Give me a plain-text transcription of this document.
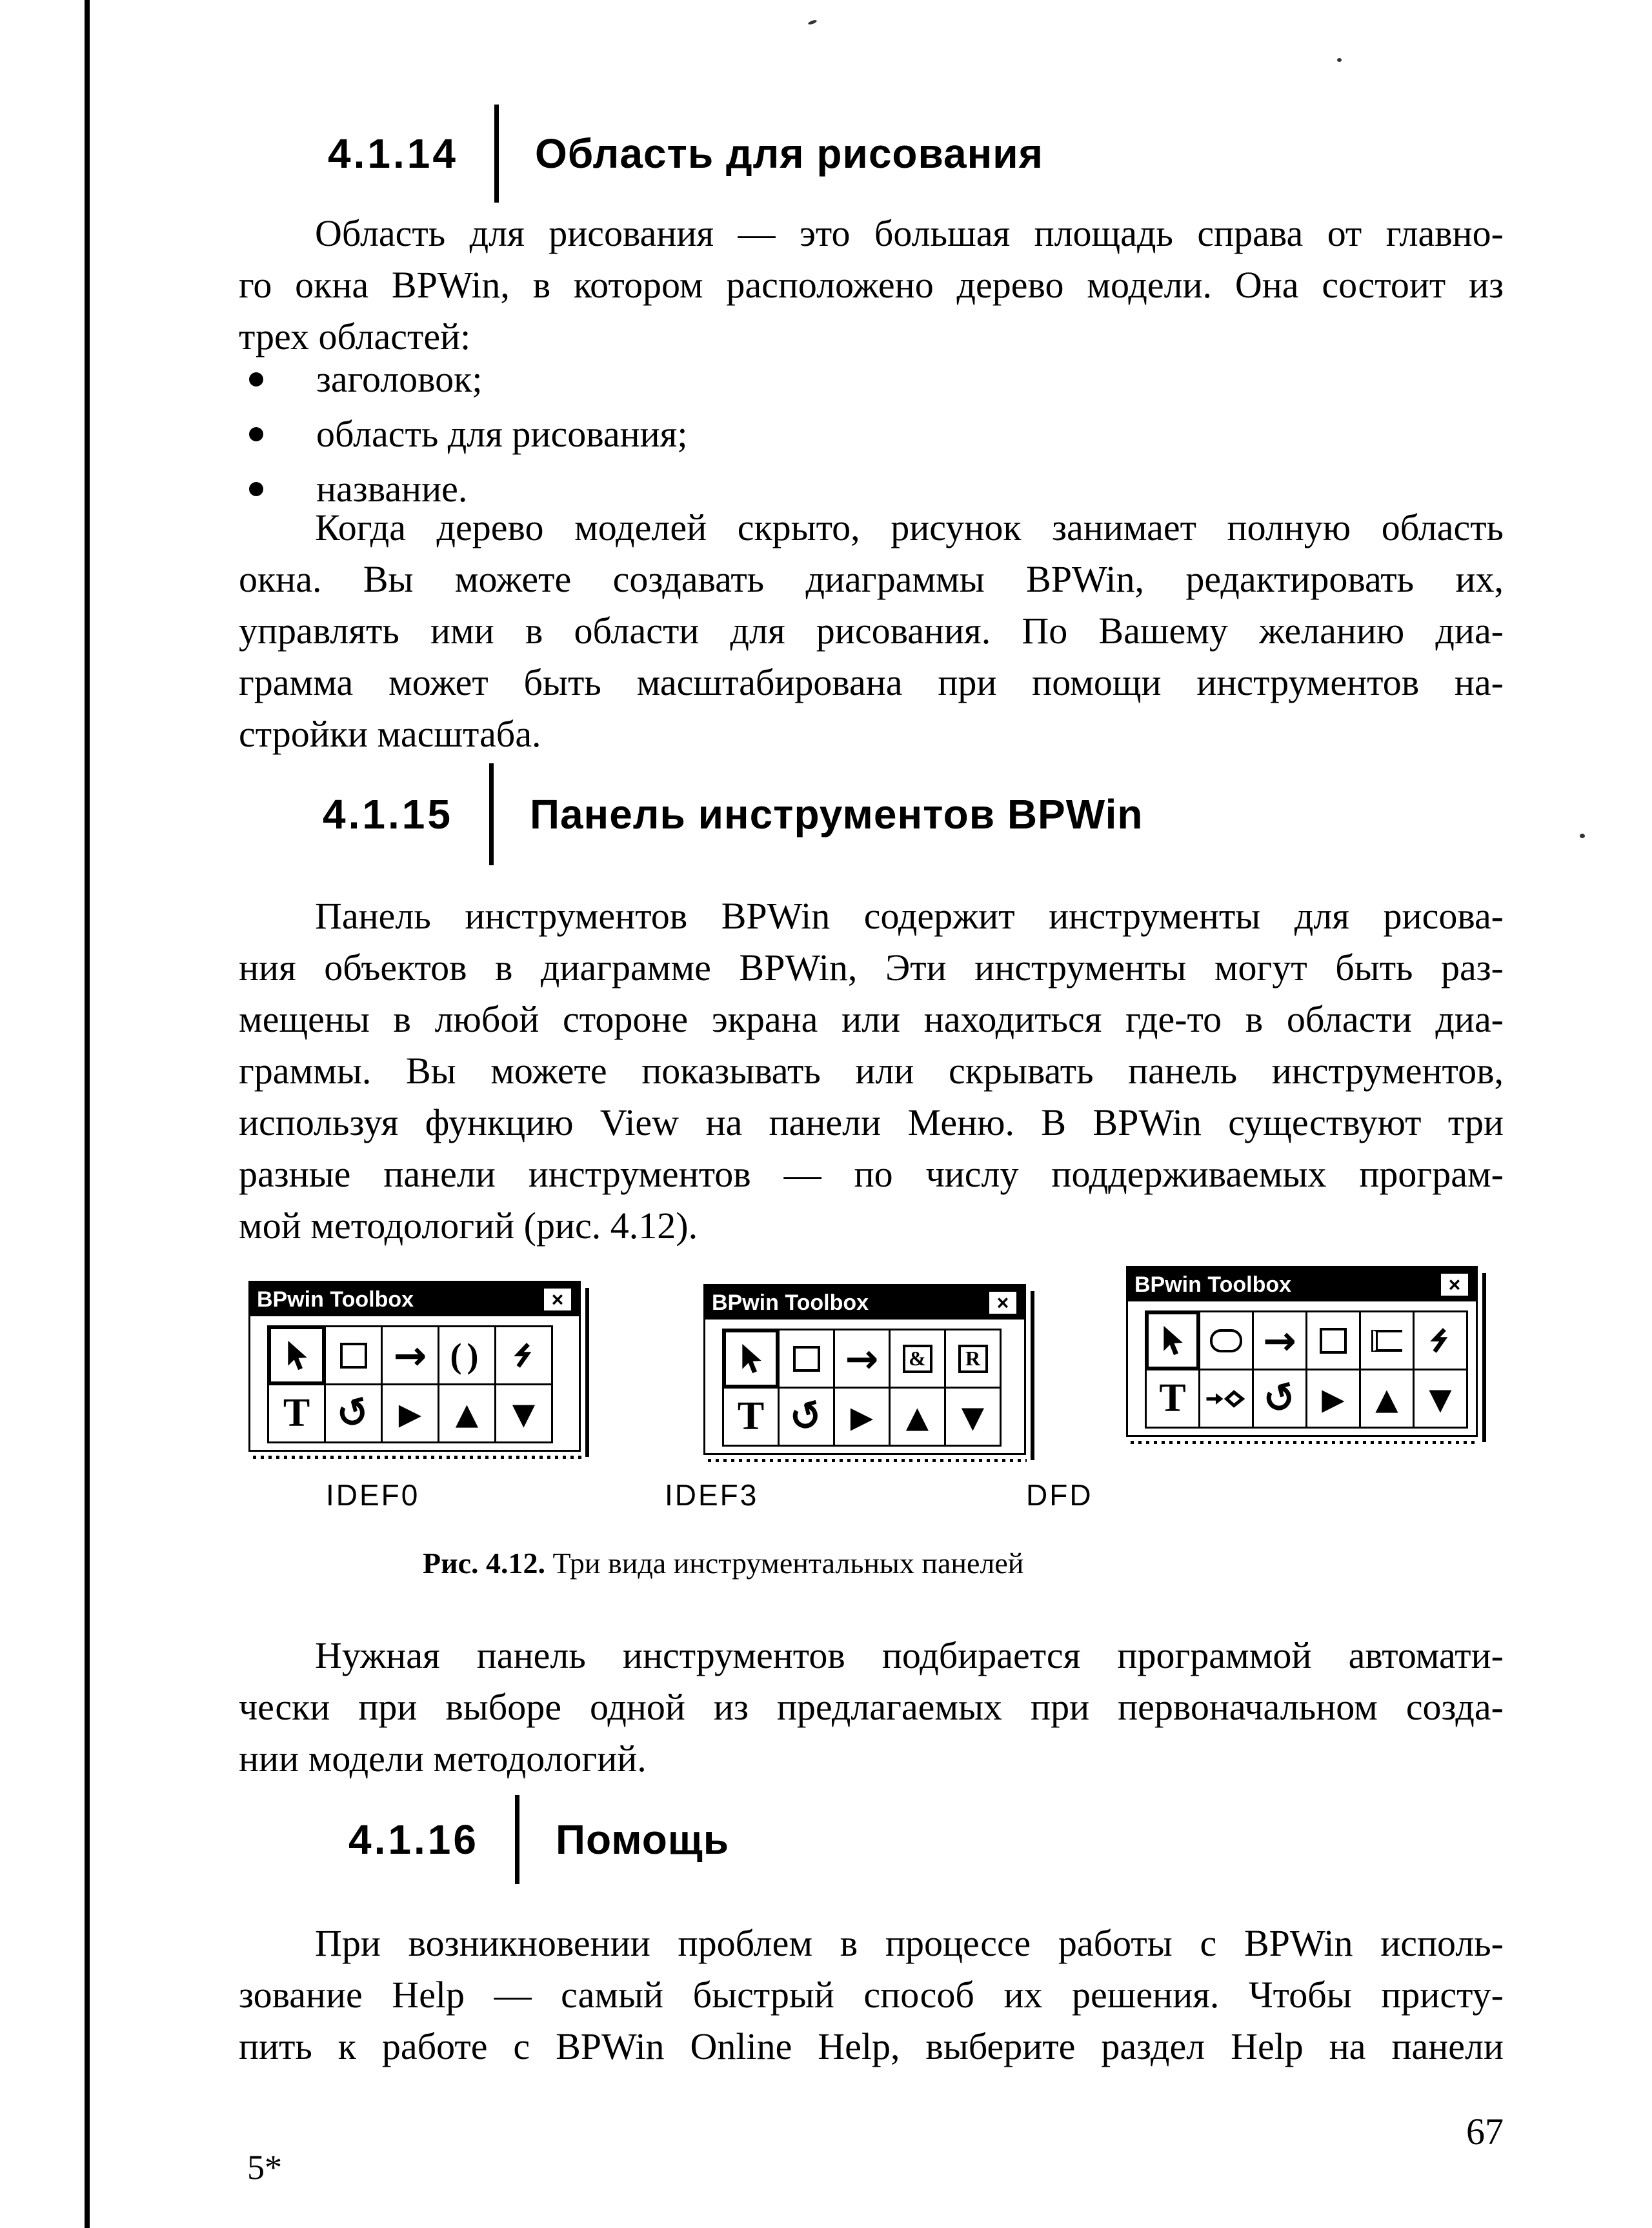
4.1.14 Область для рисования
Область для рисования — это большая площадь справа от главно-
го окна BPWin, в котором расположено дерево модели. Она состоит из
трех областей:
заголовок;
область для рисования;
название.
Когда дерево моделей скрыто, рисунок занимает полную область
окна. Вы можете создавать диаграммы BPWin, редактировать их,
управлять ими в области для рисования. По Вашему желанию диа-
грамма может быть масштабирована при помощи инструментов на-
стройки масштаба.
4.1.15 Панель инструментов BPWin
Панель инструментов BPWin содержит инструменты для рисова-
ния объектов в диаграмме BPWin, Эти инструменты могут быть раз-
мещены в любой стороне экрана или находиться где-то в области диа-
граммы. Вы можете показывать или скрывать панель инструментов,
используя функцию View на панели Меню. В BPWin существуют три
разные панели инструментов — по числу поддерживаемых програм-
мой методологий (рис. 4.12).
BPwin Toolbox	×
→ ()
T ↺ ▶ ▲ ▼
IDEF0
BPwin Toolbox	×
→	&	R
T ↺ ▶ ▲ ▼
IDEF3
BPwin Toolbox	×
→
T ↺ ▶ ▲ ▼
DFD
Рис. 4.12. Три вида инструментальных панелей
Нужная панель инструментов подбирается программой автомати-
чески при выборе одной из предлагаемых при первоначальном созда-
нии модели методологий.
4.1.16 Помощь
При возникновении проблем в процессе работы с BPWin исполь-
зование Help — самый быстрый способ их решения. Чтобы присту-
пить к работе с BPWin Online Help, выберите раздел Help на панели
67
5*
